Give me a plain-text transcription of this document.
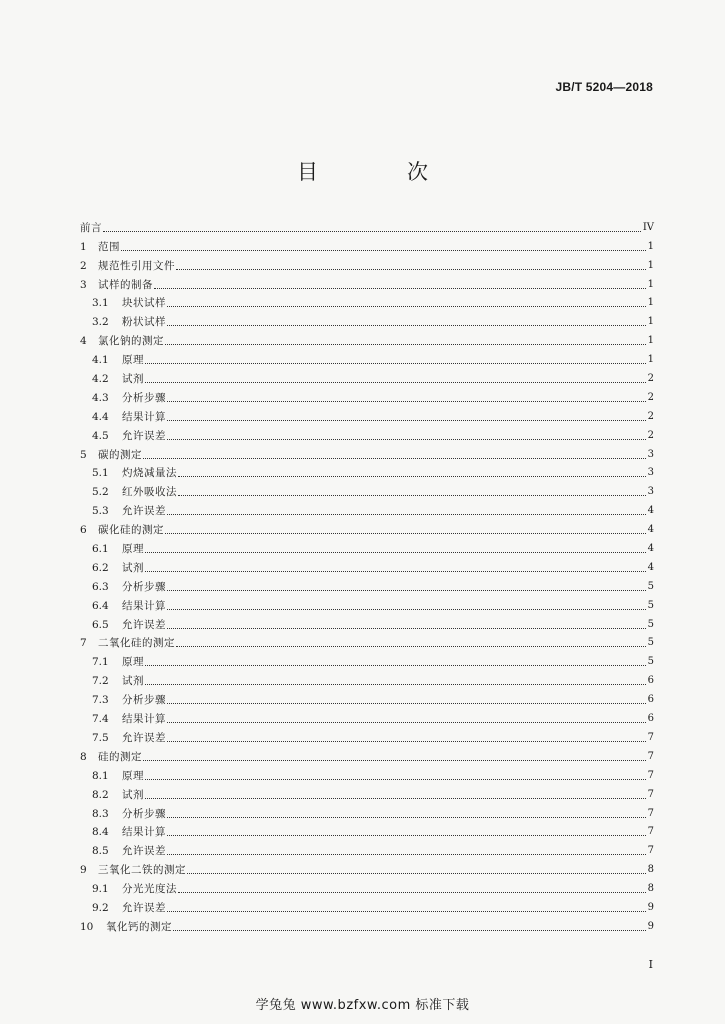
JB/T 5204—2018
目　次
前言	IV
1	范围	1
2	规范性引用文件	1
3	试样的制备	1
3.1	块状试样	1
3.2	粉状试样	1
4	氯化钠的测定	1
4.1	原理	1
4.2	试剂	2
4.3	分析步骤	2
4.4	结果计算	2
4.5	允许误差	2
5	碳的测定	3
5.1	灼烧减量法	3
5.2	红外吸收法	3
5.3	允许误差	4
6	碳化硅的测定	4
6.1	原理	4
6.2	试剂	4
6.3	分析步骤	5
6.4	结果计算	5
6.5	允许误差	5
7	二氧化硅的测定	5
7.1	原理	5
7.2	试剂	6
7.3	分析步骤	6
7.4	结果计算	6
7.5	允许误差	7
8	硅的测定	7
8.1	原理	7
8.2	试剂	7
8.3	分析步骤	7
8.4	结果计算	7
8.5	允许误差	7
9	三氧化二铁的测定	8
9.1	分光光度法	8
9.2	允许误差	9
10	氧化钙的测定	9
I
学兔兔 www.bzfxw.com 标准下载
